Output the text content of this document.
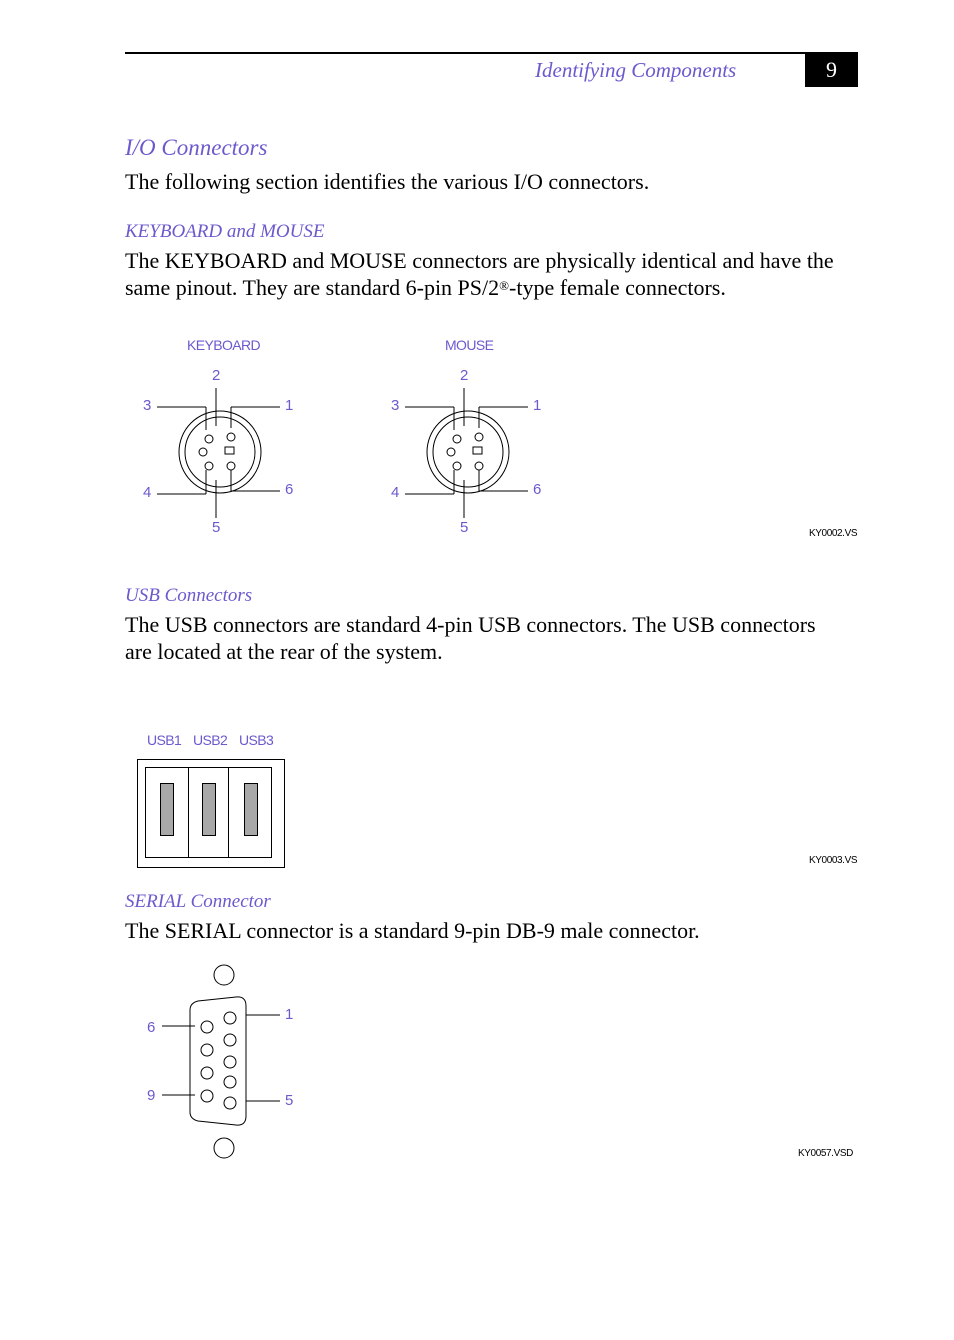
Identifying Components	9
I/O Connectors
The following section identifies the various I/O connectors.
KEYBOARD and MOUSE
The KEYBOARD and MOUSE connectors are physically identical and have the same pinout. They are standard 6-pin PS/2®-type female connectors.
KEYBOARD	MOUSE
2
3	1
4	6
5
2
3	1
4	6
5	KY0002.VS
USB Connectors
The USB connectors are standard 4-pin USB connectors. The USB connectors are located at the rear of the system.
USB1 USB2 USB3
KY0003.VS
SERIAL Connector
The SERIAL connector is a standard 9-pin DB-9 male connector.
6
9
1
5
KY0057.VSD
